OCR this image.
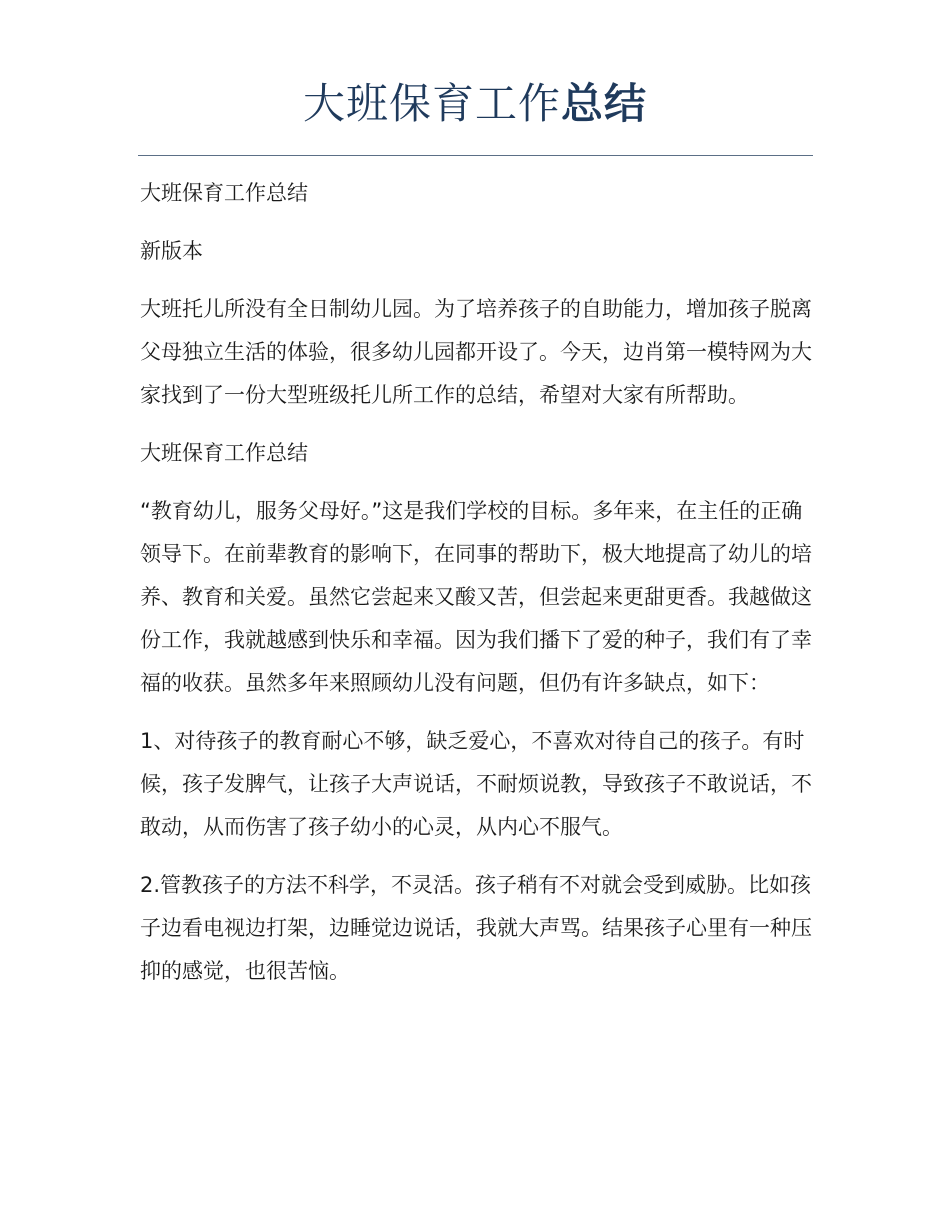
大班保育工作总结

大班保育工作总结

新版本

大班托儿所没有全日制幼儿园。为了培养孩子的自助能力，增加孩子脱离父母独立生活的体验，很多幼儿园都开设了。今天，边肖第一模特网为大家找到了一份大型班级托儿所工作的总结，希望对大家有所帮助。

大班保育工作总结

“教育幼儿，服务父母好。”这是我们学校的目标。多年来，在主任的正确领导下。在前辈教育的影响下，在同事的帮助下，极大地提高了幼儿的培养、教育和关爱。虽然它尝起来又酸又苦，但尝起来更甜更香。我越做这份工作，我就越感到快乐和幸福。因为我们播下了爱的种子，我们有了幸福的收获。虽然多年来照顾幼儿没有问题，但仍有许多缺点，如下：

1、对待孩子的教育耐心不够，缺乏爱心，不喜欢对待自己的孩子。有时候，孩子发脾气，让孩子大声说话，不耐烦说教，导致孩子不敢说话，不敢动，从而伤害了孩子幼小的心灵，从内心不服气。

2.管教孩子的方法不科学，不灵活。孩子稍有不对就会受到威胁。比如孩子边看电视边打架，边睡觉边说话，我就大声骂。结果孩子心里有一种压抑的感觉，也很苦恼。
